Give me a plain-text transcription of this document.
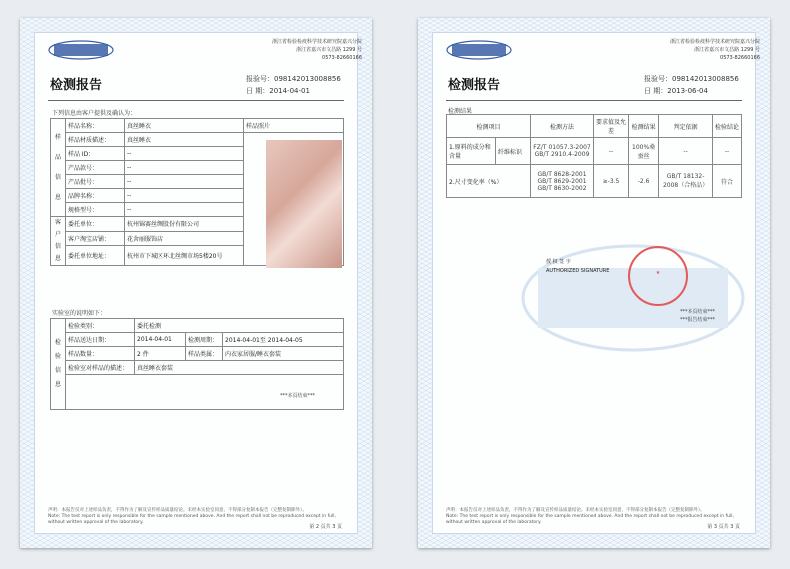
浙江省检验检疫科学技术研究院嘉兴分院
浙江省嘉兴市文昌路 1299 号
0573-82660166
检测报告	报验号：098142013008856
日 期：2014-04-01
下列信息由客户提供及确认为：
样品信息	样品名称：	真丝睡衣	样品照片
	样品材质描述：	真丝睡衣	
	样品 ID：	--	
	产品款号：	--	
	产品批号：	--	
	品牌名称：	--	
	规格型号：	--	
客户信息	委托单位：	杭州锦赛丝绸股份有限公司	
	客户淘宝店铺：	花舍丽服饰店	
	委托单位地址：	杭州市下城区环北丝绸市场5楼20号	
实验室的说明如下：
检验信息	检验类别：	委托检测		
	样品送达日期：	2014-04-01	检测周期：	2014-04-01至 2014-04-05
	样品数量：	2 件	样品类属：	内衣家居服/睡衣套装
	检验室对样品的描述：	真丝睡衣套装		

***本页结束***
声明：本报告仅对上述样品负责，不得作为了解及宣传样品质量结论。未经本实验室同意，不得部分复制本报告（完整复制除外）。
Note: The test report is only responsible for the sample mentioned above. And the report shall not be reproduced except in full, without written approval of the laboratory.
第 2 页共 3 页
浙江省检验检疫科学技术研究院嘉兴分院
浙江省嘉兴市文昌路 1299 号
0573-82660166
检测报告	报验号：098142013008856
日 期：2013-06-04
检测结果
检测项目		检测方法	要求值及允差	检测结果	判定依据	检验结论
1.原料的成分和含量	纤维标识	FZ/T 01057.3-2007 GB/T 2910.4-2009	--	100%桑蚕丝	--	--
2.尺寸变化率（%）		GB/T 8628-2001 GB/T 8629-2001 GB/T 8630-2002	≥-3.5	-2.6	GB/T 18132-2008（合格品）	符合
授 权 签 字
AUTHORIZED SIGNATURE	★
***本页结束***
***报告结束***
声明：本报告仅对上述样品负责，不得作为了解及宣传样品质量结论。未经本实验室同意，不得部分复制本报告（完整复制除外）。
Note: The test report is only responsible for the sample mentioned above. And the report shall not be reproduced except in full, without written approval of the laboratory.
第 3 页共 3 页
